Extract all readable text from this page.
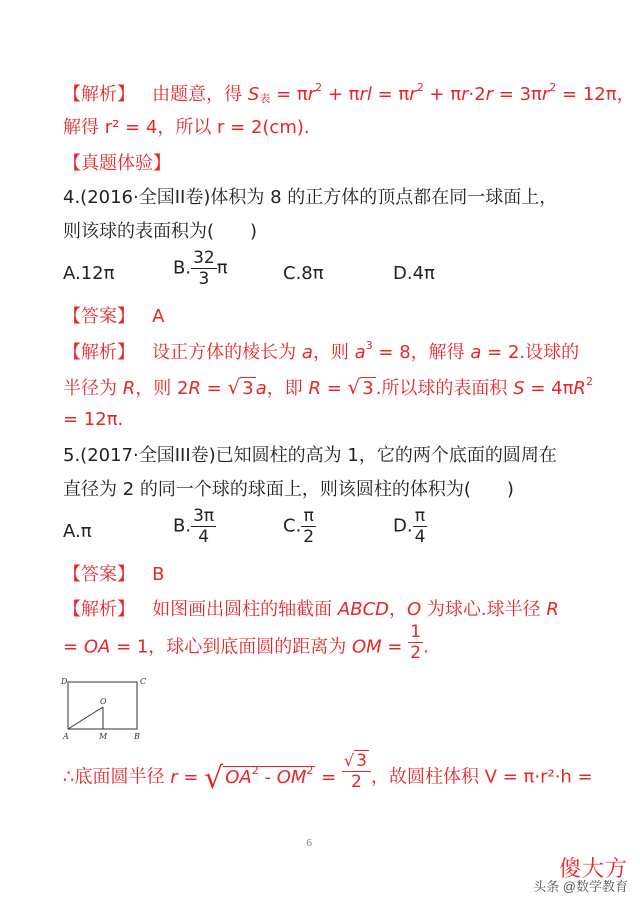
【解析】 由题意，得 S表 = $\pi r^2 + \pi rl = \pi r^2 + \pi r\cdot 2r = 3\pi r^2 = 12\pi$，
解得 r² = 4，所以 r = 2(cm).
【真题体验】
4.(2016·全国II卷)体积为 8 的正方体的顶点都在同一球面上，
则该球的表面积为(　　)
A.12π	B. $\frac{32}{3}$ π	C.8π	D.4π
【答案】 A
【解析】 设正方体的棱长为 a，则 $a^3 = 8$，解得 a = 2.设球的
半径为 R，则 2R = √ 3 a，即 R = √ 3 .所以球的表面积 $S = 4\pi R^2$
= 12π.
5.(2017·全国III卷)已知圆柱的高为 1，它的两个底面的圆周在
直径为 2 的同一个球的球面上，则该圆柱的体积为(　　)
A.π	B. $\frac{3\pi}{4}$	C. $\frac{\pi}{2}$	D. $\frac{\pi}{4}$
【答案】 B
【解析】 如图画出圆柱的轴截面 ABCD，O 为球心.球半径 R
= OA = 1，球心到底面圆的距离为 OM = $\frac{1}{2}$ .
D	C
O
A	M	B
∴底面圆半径 r = √ $OA^2 - OM^2 = \frac{√ 3}{2}$ ，故圆柱体积 V = π·r²·h =
6
傻大方
头条 @数学教育
